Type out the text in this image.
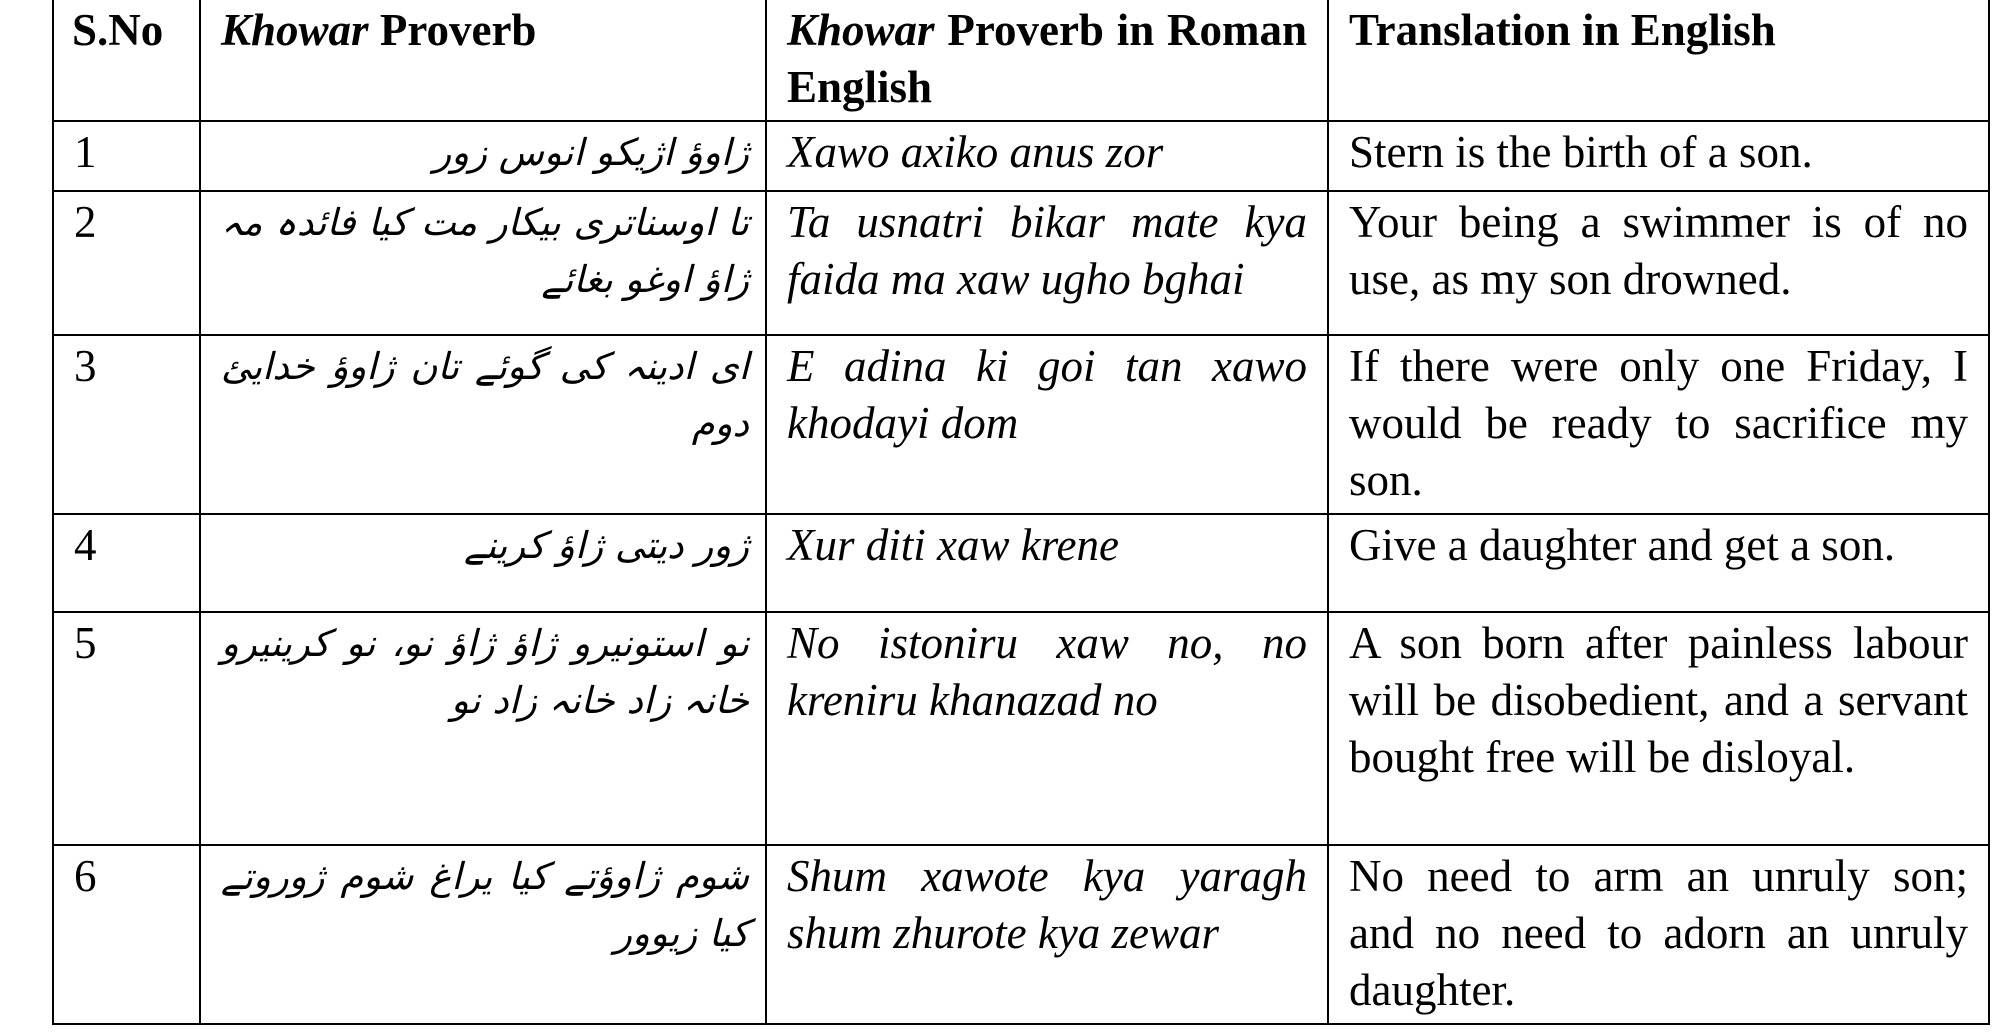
S.No	Khowar Proverb	Khowar Proverb in Roman English	Translation in English
1	ژاوؤ اژیکو انوس زور	Xawo axiko anus zor	Stern is the birth of a son.
2	تا اوسناتری بیکار مت کیا فائدہ مہ ژاؤ اوغو بغائے	Ta usnatri bikar mate kya faida ma xaw ugho bghai	Your being a swimmer is of no use, as my son drowned.
3	ای ادینہ کی گوئے تان ژاوؤ خدایئ دوم	E adina ki goi tan xawo khodayi dom	If there were only one Friday, I would be ready to sacrifice my son.
4	ژور دیتی ژاؤ کرینے	Xur diti xaw krene	Give a daughter and get a son.
5	نو استونیرو ژاؤ ژاؤ نو، نو کرینیرو خانہ زاد خانہ زاد نو	No istoniru xaw no, no kreniru khanazad no	A son born after painless labour will be disobedient, and a servant bought free will be disloyal.
6	شوم ژاوؤتے کیا یراغ شوم ژوروتے کیا زیوور	Shum xawote kya yaragh shum zhurote kya zewar	No need to arm an unruly son; and no need to adorn an unruly daughter.
